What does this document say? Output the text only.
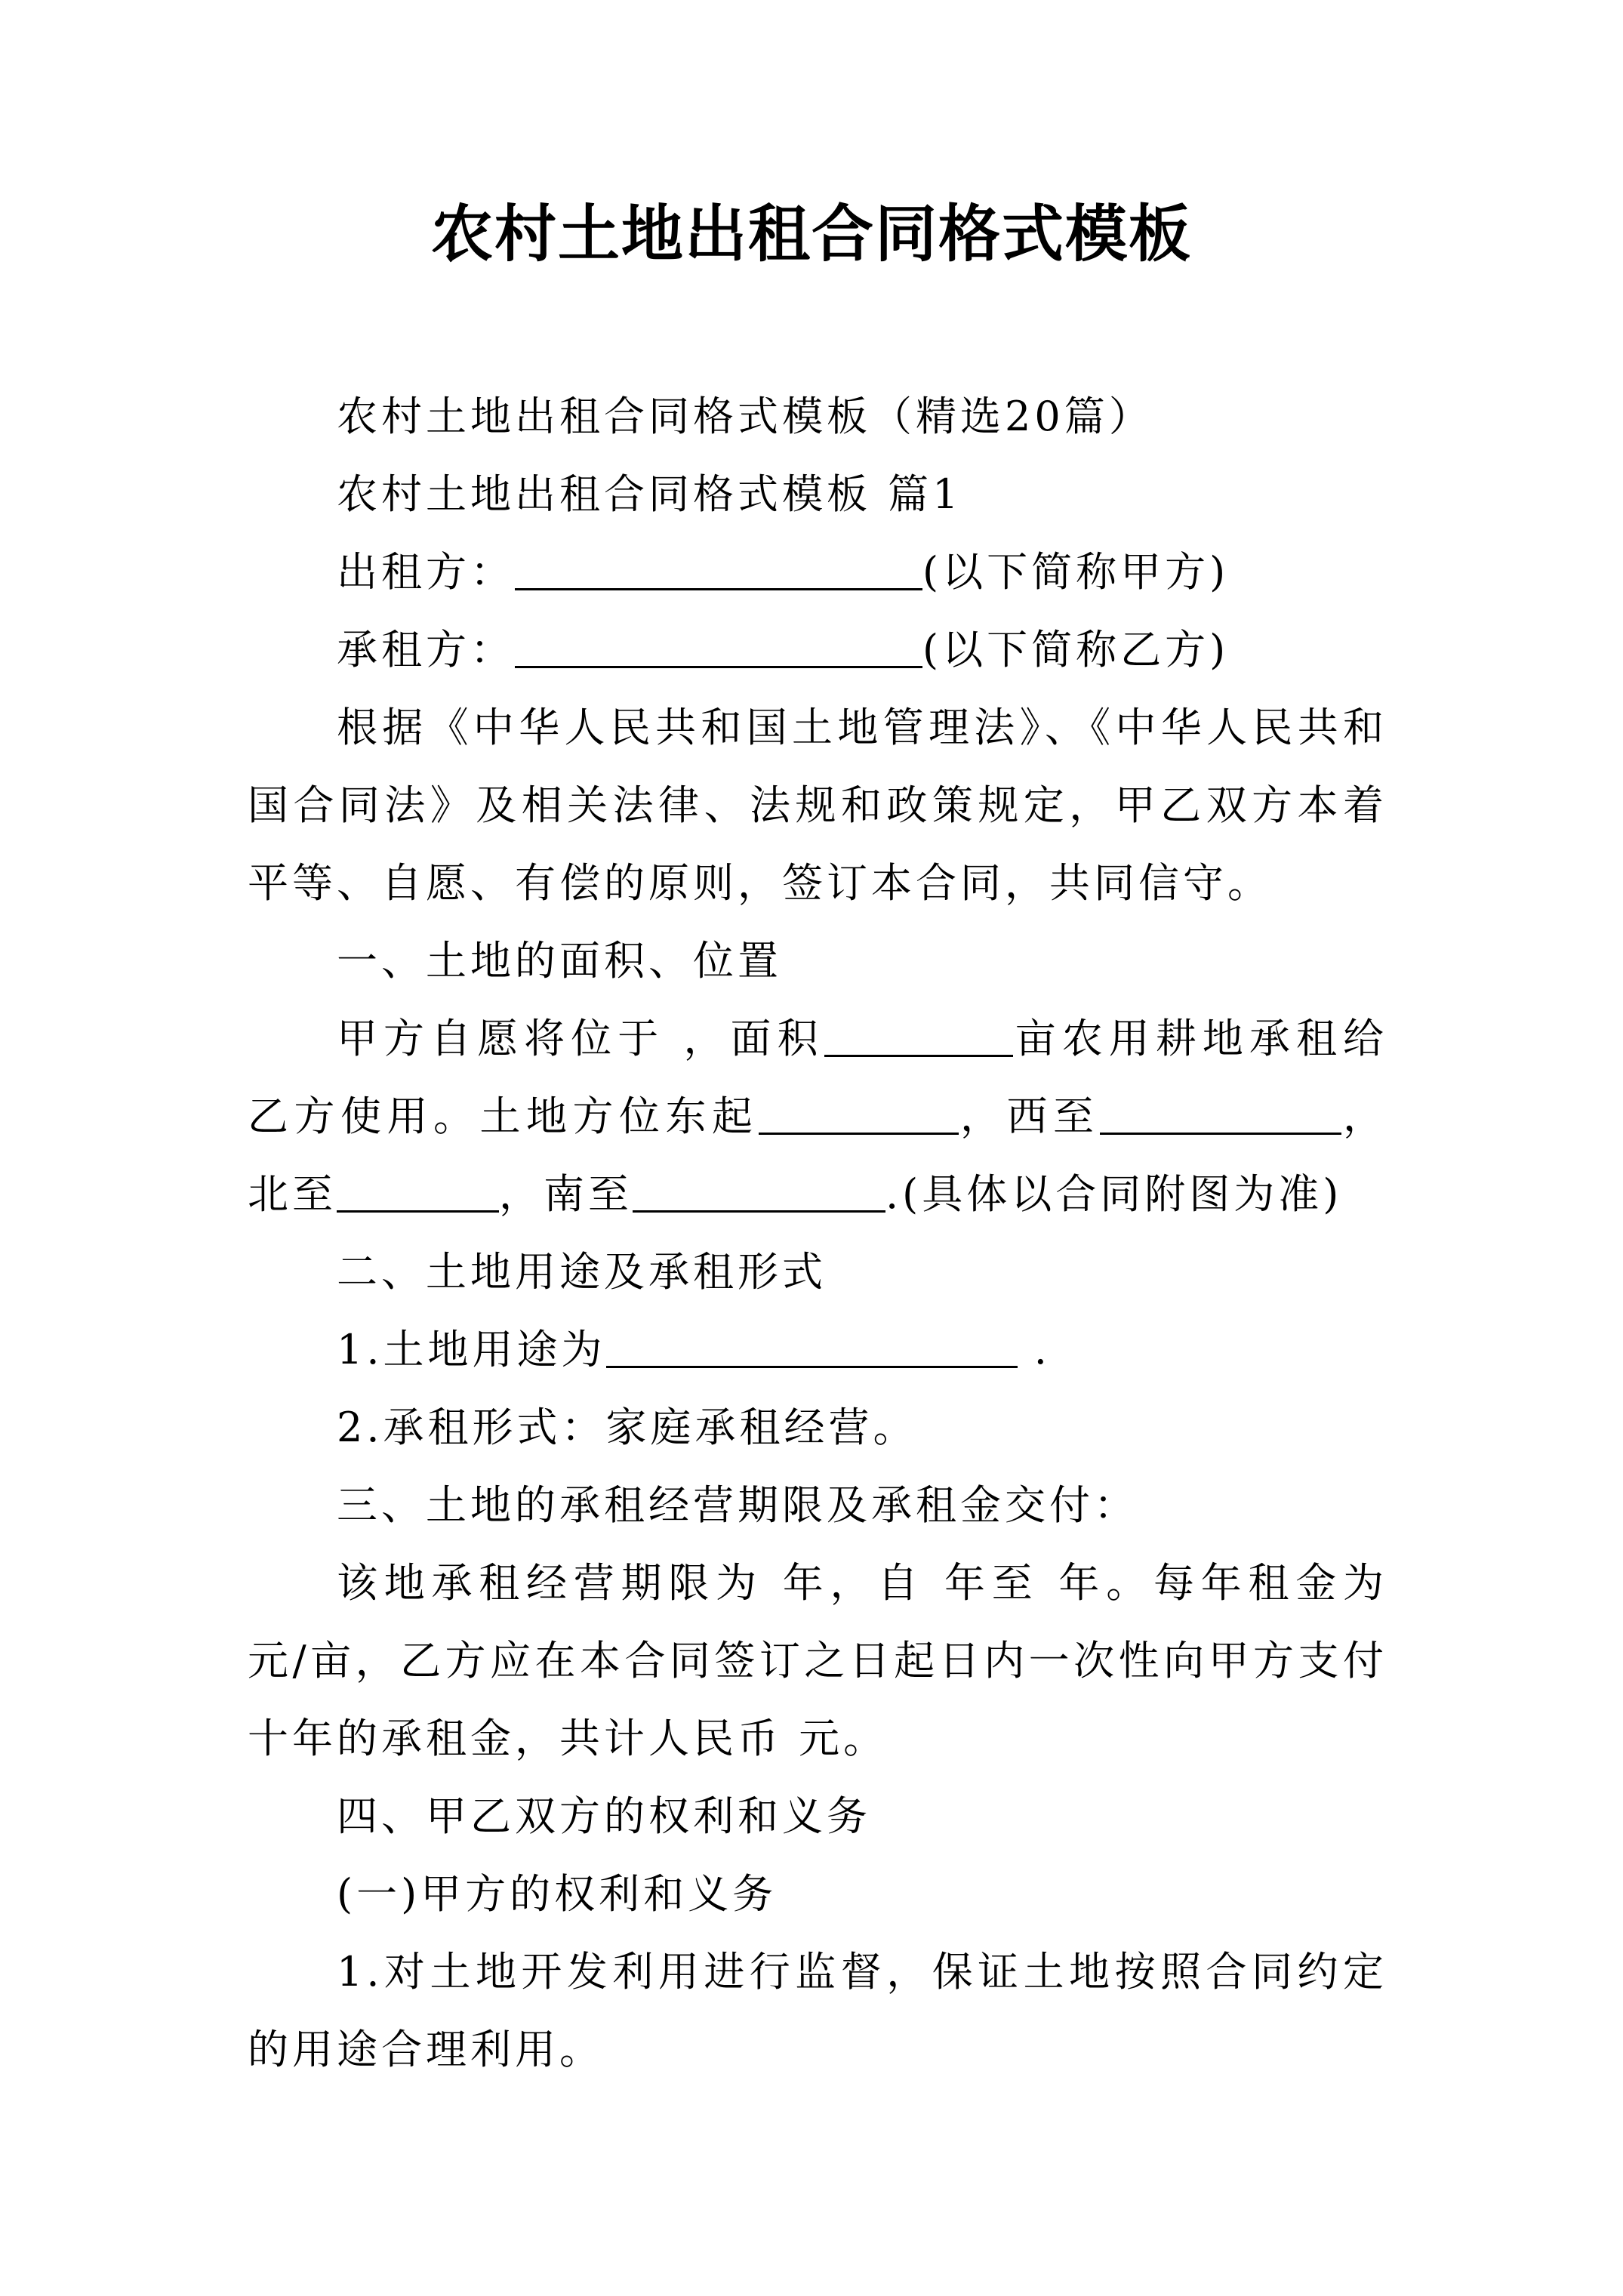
农村土地出租合同格式模板

农村土地出租合同格式模板（精选20篇）

农村土地出租合同格式模板 篇1

出租方：	(以下简称甲方)

承租方：	(以下简称乙方)

根据《中华人民共和国土地管理法》、《中华人民共和国合同法》及相关法律、法规和政策规定，甲乙双方本着平等、自愿、有偿的原则，签订本合同，共同信守。

一、土地的面积、位置

甲方自愿将位于 ，面积	亩农用耕地承租给乙方使用。土地方位东起	，西至	，北至	，南至	.(具体以合同附图为准)

二、土地用途及承租形式

1.土地用途为	.

2.承租形式：家庭承租经营。

三、土地的承租经营期限及承租金交付：

该地承租经营期限为 年，自 年至 年。每年租金为 元/亩，乙方应在本合同签订之日起日内一次性向甲方支付十年的承租金，共计人民币 元。

四、甲乙双方的权利和义务

(一)甲方的权利和义务

1.对土地开发利用进行监督，保证土地按照合同约定的用途合理利用。
